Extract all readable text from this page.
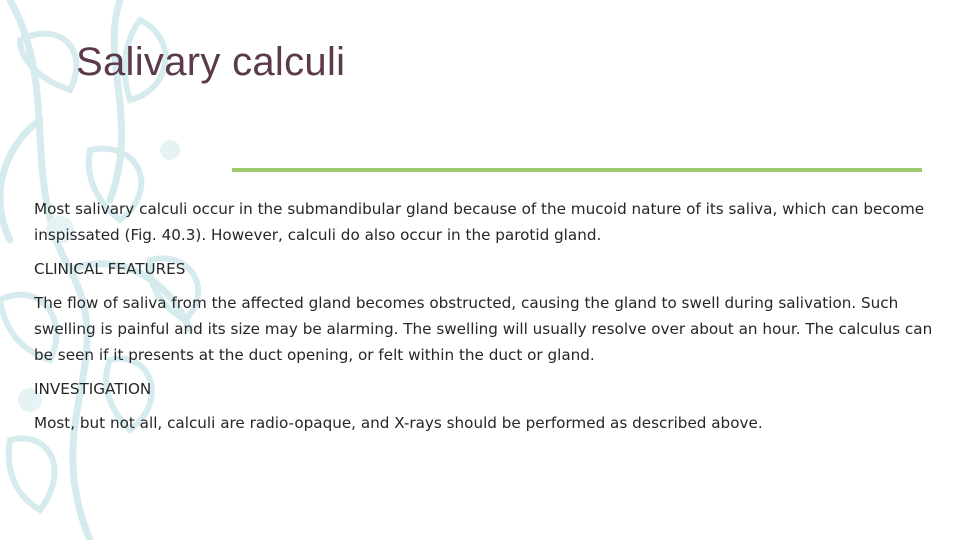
Salivary calculi

Most salivary calculi occur in the submandibular gland because of the mucoid nature of its saliva, which can become inspissated (Fig. 40.3). However, calculi do also occur in the parotid gland.

CLINICAL FEATURES

The flow of saliva from the affected gland becomes obstructed, causing the gland to swell during salivation. Such swelling is painful and its size may be alarming. The swelling will usually resolve over about an hour. The calculus can be seen if it presents at the duct opening, or felt within the duct or gland.

INVESTIGATION

Most, but not all, calculi are radio-opaque, and X-rays should be performed as described above.
